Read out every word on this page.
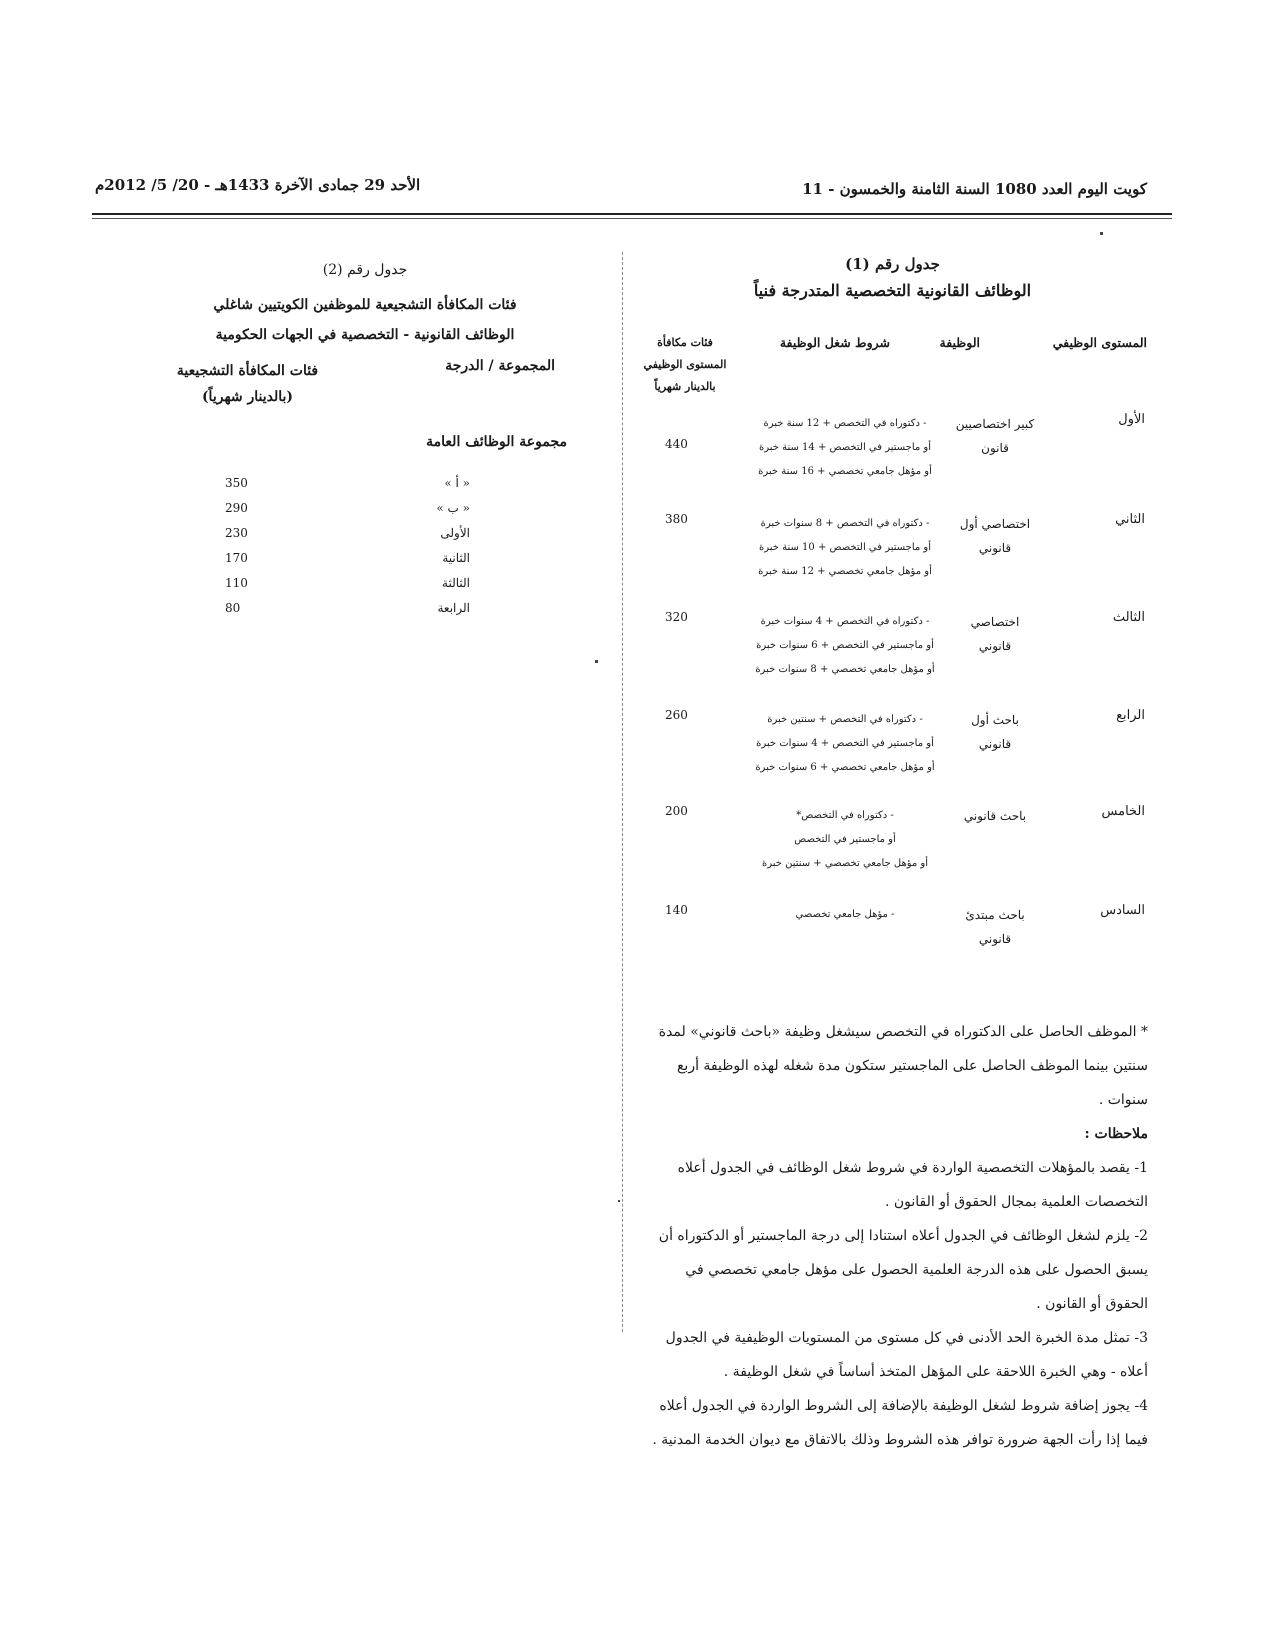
كويت اليوم العدد 1080 السنة الثامنة والخمسون - 11
الأحد 29 جمادى الآخرة 1433هـ - 20/ 5/ 2012م
جدول رقم (1)
الوظائف القانونية التخصصية المتدرجة فنياً
المستوى الوظيفي
الوظيفة
شروط شغل الوظيفة
فئات مكافأة المستوى الوظيفي بالدينار شهرياً
الأول
كبير اختصاصيين قانون
- دكتوراه في التخصص + 12 سنة خبرة
أو ماجستير في التخصص + 14 سنة خبرة
أو مؤهل جامعي تخصصي + 16 سنة خبرة
440
الثاني
اختصاصي أول قانوني
- دكتوراه في التخصص + 8 سنوات خبرة
أو ماجستير في التخصص + 10 سنة خبرة
أو مؤهل جامعي تخصصي + 12 سنة خبرة
380
الثالث
اختصاصي قانوني
- دكتوراه في التخصص + 4 سنوات خبرة
أو ماجستير في التخصص + 6 سنوات خبرة
أو مؤهل جامعي تخصصي + 8 سنوات خبرة
320
الرابع
باحث أول قانوني
- دكتوراه في التخصص + سنتين خبرة
أو ماجستير في التخصص + 4 سنوات خبرة
أو مؤهل جامعي تخصصي + 6 سنوات خبرة
260
الخامس
باحث قانوني
- دكتوراه في التخصص*
أو ماجستير في التخصص
أو مؤهل جامعي تخصصي + سنتين خبرة
200
السادس
باحث مبتدئ قانوني
- مؤهل جامعي تخصصي
140

* الموظف الحاصل على الدكتوراه في التخصص سيشغل وظيفة «باحث قانوني» لمدة سنتين بينما الموظف الحاصل على الماجستير ستكون مدة شغله لهذه الوظيفة أربع سنوات .

ملاحظات :

1- يقصد بالمؤهلات التخصصية الواردة في شروط شغل الوظائف في الجدول أعلاه التخصصات العلمية بمجال الحقوق أو القانون .

2- يلزم لشغل الوظائف في الجدول أعلاه استنادا إلى درجة الماجستير أو الدكتوراه أن يسبق الحصول على هذه الدرجة العلمية الحصول على مؤهل جامعي تخصصي في الحقوق أو القانون .

3- تمثل مدة الخبرة الحد الأدنى في كل مستوى من المستويات الوظيفية في الجدول أعلاه - وهي الخبرة اللاحقة على المؤهل المتخذ أساساً في شغل الوظيفة .

4- يجوز إضافة شروط لشغل الوظيفة بالإضافة إلى الشروط الواردة في الجدول أعلاه فيما إذا رأت الجهة ضرورة توافر هذه الشروط وذلك بالاتفاق مع ديوان الخدمة المدنية .

جدول رقم (2)
فئات المكافأة التشجيعية للموظفين الكويتيين شاغلي
الوظائف القانونية - التخصصية في الجهات الحكومية
المجموعة / الدرجة
فئات المكافأة التشجيعية (بالدينار شهرياً)
مجموعة الوظائف العامة
« أ »
350
« ب »
290
الأولى
230
الثانية
170
الثالثة
110
الرابعة
80
